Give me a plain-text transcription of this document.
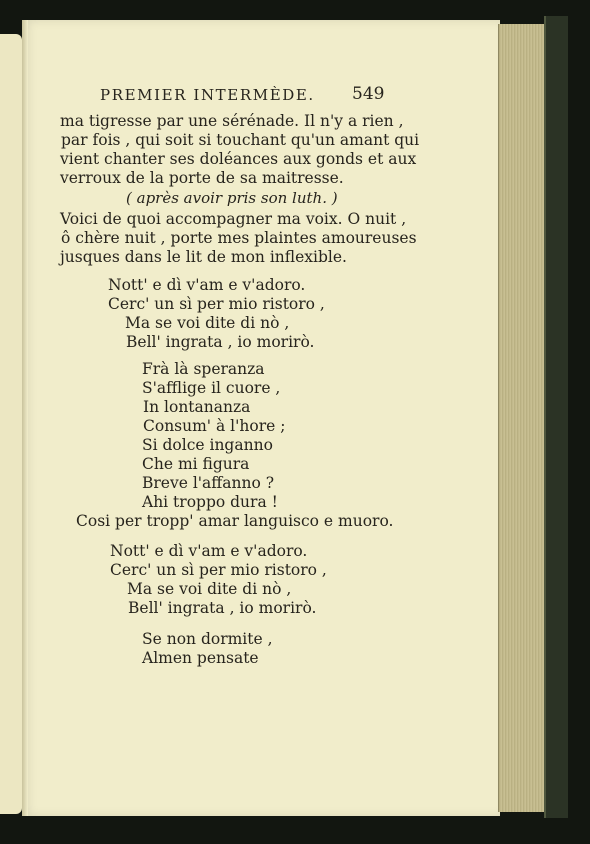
PREMIER INTERMÈDE. 549
ma tigresse par une sérénade. Il n'y a rien ,
par fois , qui soit si touchant qu'un amant qui
vient chanter ses doléances aux gonds et aux
verroux de la porte de sa maitresse.
( après avoir pris son luth. )
Voici de quoi accompagner ma voix. O nuit ,
ô chère nuit , porte mes plaintes amoureuses
jusques dans le lit de mon inflexible.
Nott' e dì v'am e v'adoro.
Cerc' un sì per mio ristoro ,
Ma se voi dite di nò ,
Bell' ingrata , io morirò.
Frà là speranza
S'afflige il cuore ,
In lontananza
Consum' à l'hore ;
Si dolce inganno
Che mi figura
Breve l'affanno ?
Ahi troppo dura !
Cosi per tropp' amar languisco e muoro.
Nott' e dì v'am e v'adoro.
Cerc' un sì per mio ristoro ,
Ma se voi dite di nò ,
Bell' ingrata , io morirò.
Se non dormite ,
Almen pensate
